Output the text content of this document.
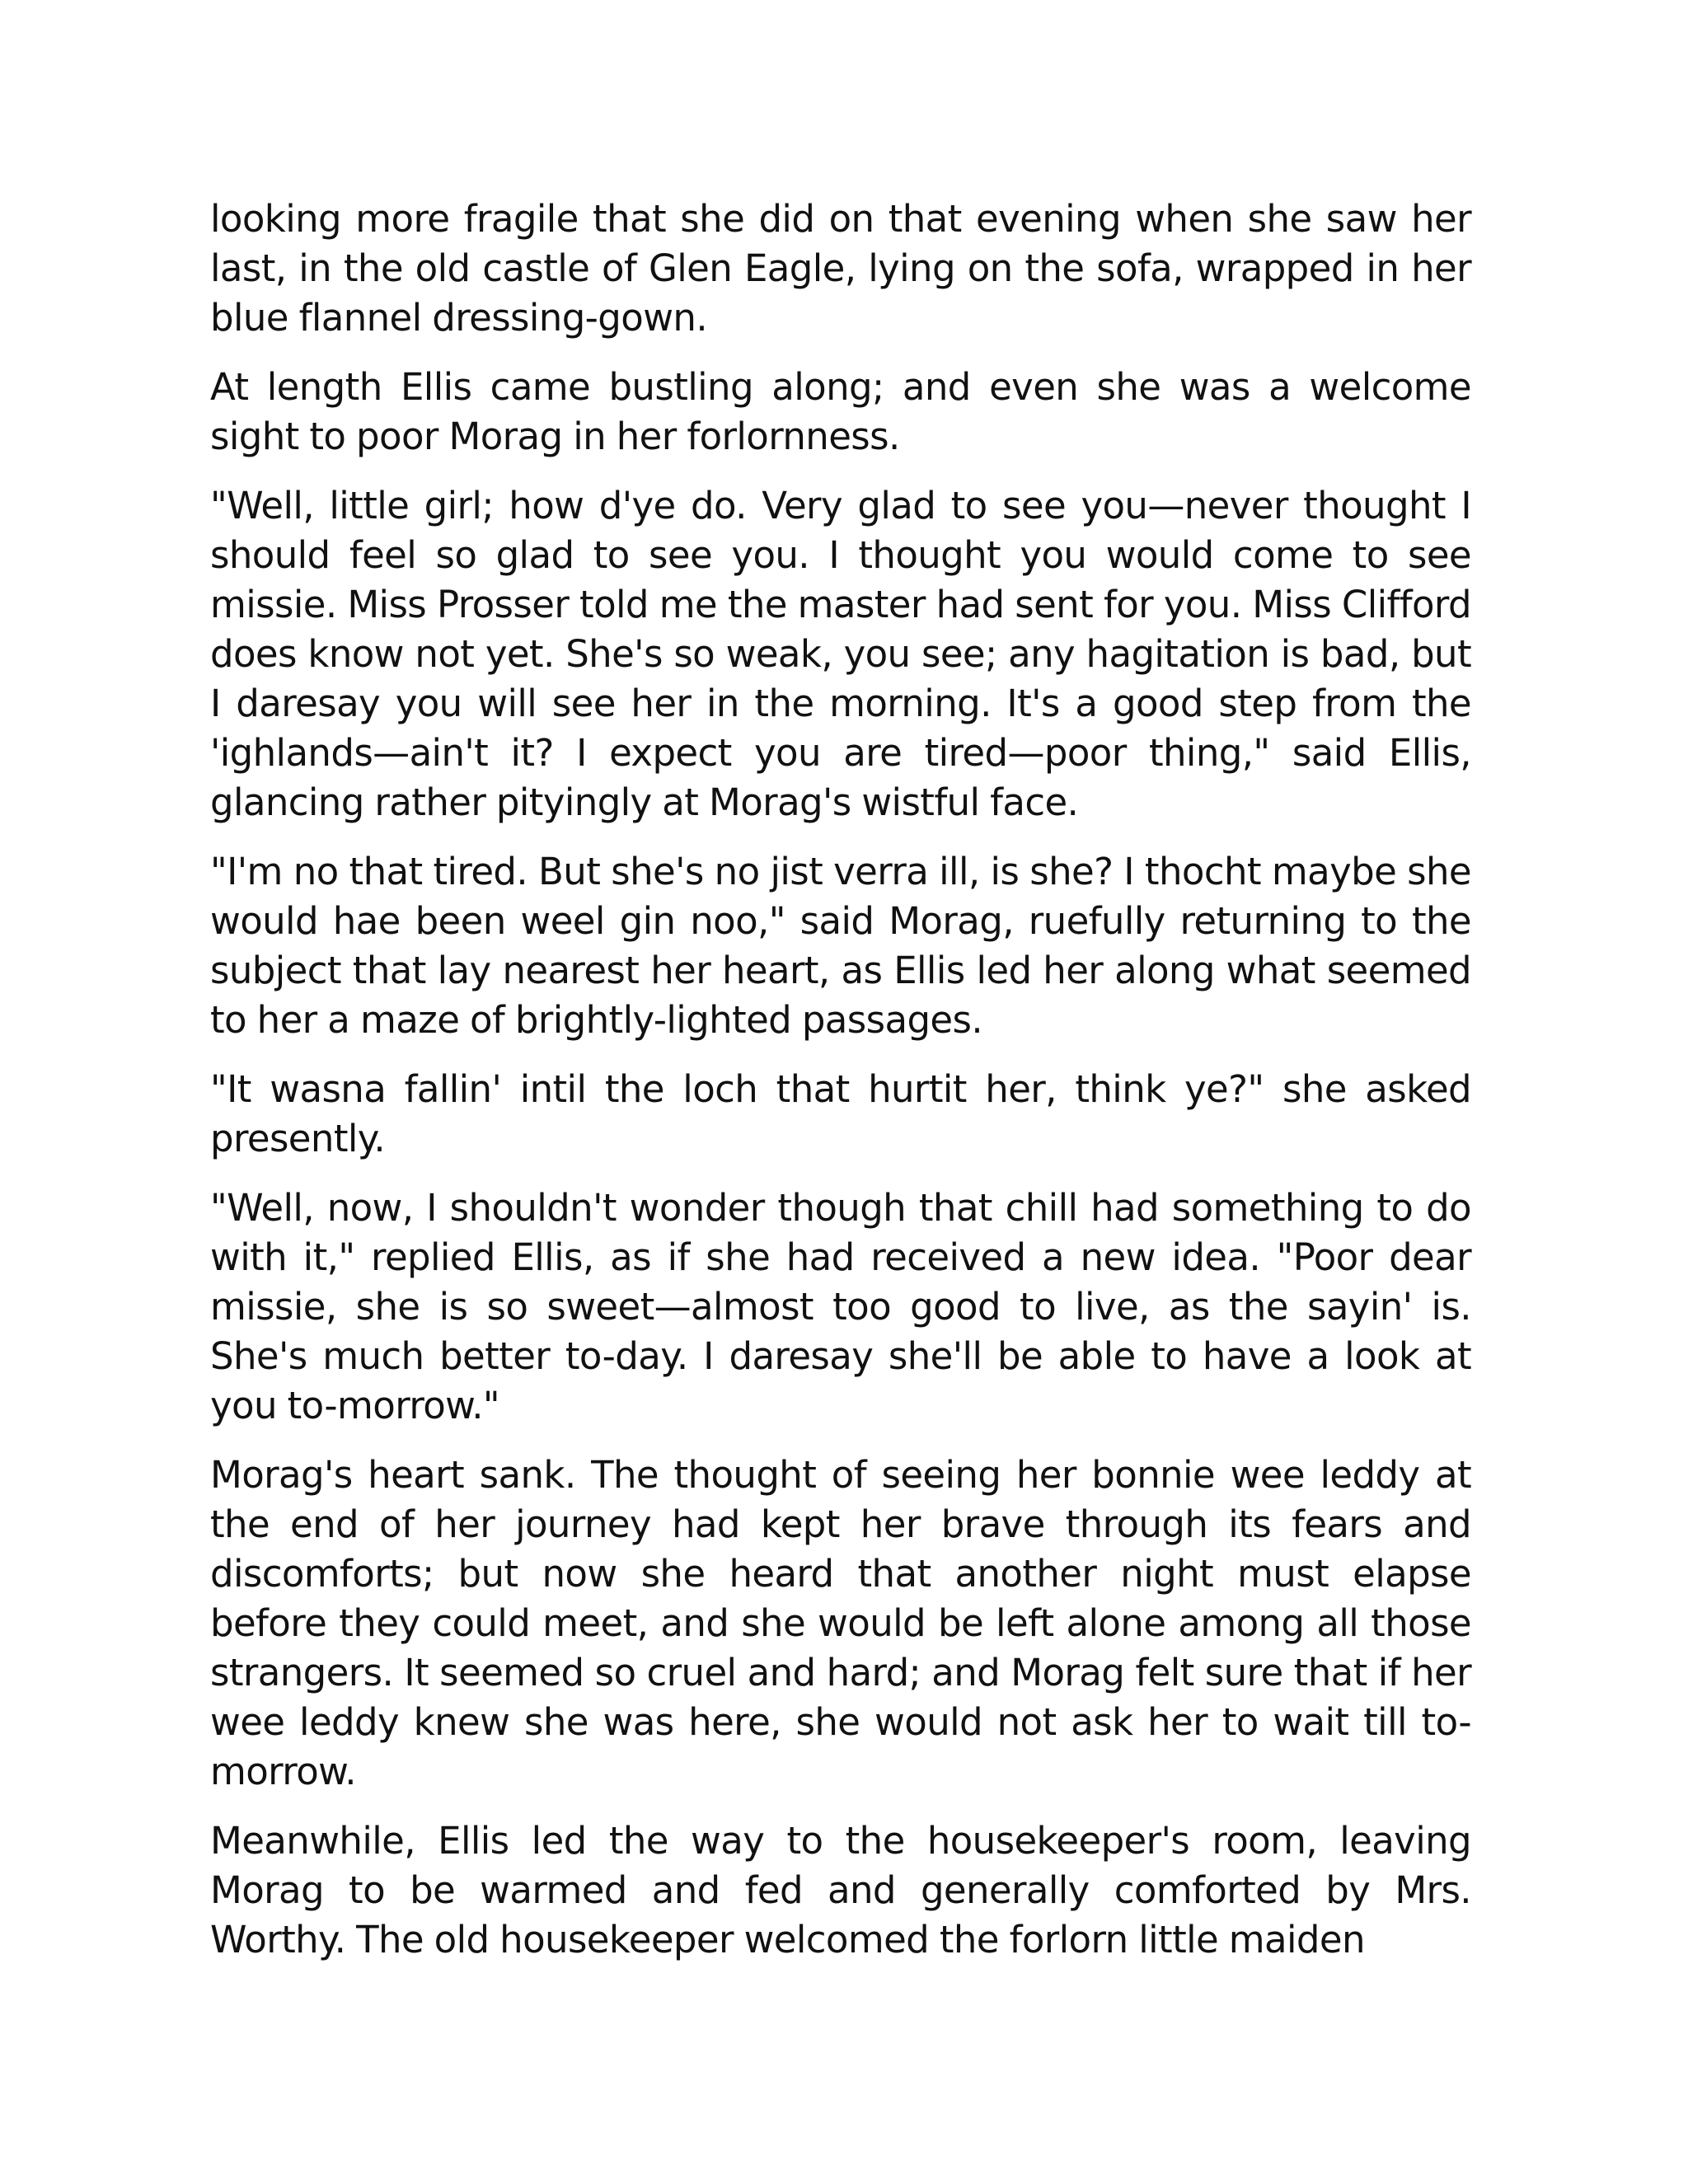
looking more fragile that she did on that evening when she saw her last, in the old castle of Glen Eagle, lying on the sofa, wrapped in her blue flannel dressing-gown.

At length Ellis came bustling along; and even she was a welcome sight to poor Morag in her forlornness.

"Well, little girl; how d'ye do. Very glad to see you—never thought I should feel so glad to see you. I thought you would come to see missie. Miss Prosser told me the master had sent for you. Miss Clifford does know not yet. She's so weak, you see; any hagitation is bad, but I daresay you will see her in the morning. It's a good step from the 'ighlands—ain't it? I expect you are tired—poor thing," said Ellis, glancing rather pityingly at Morag's wistful face.

"I'm no that tired. But she's no jist verra ill, is she? I thocht maybe she would hae been weel gin noo," said Morag, ruefully returning to the subject that lay nearest her heart, as Ellis led her along what seemed to her a maze of brightly-lighted passages.

"It wasna fallin' intil the loch that hurtit her, think ye?" she asked presently.

"Well, now, I shouldn't wonder though that chill had something to do with it," replied Ellis, as if she had received a new idea. "Poor dear missie, she is so sweet—almost too good to live, as the sayin' is. She's much better to-day. I daresay she'll be able to have a look at you to-morrow."

Morag's heart sank. The thought of seeing her bonnie wee leddy at the end of her journey had kept her brave through its fears and discomforts; but now she heard that another night must elapse before they could meet, and she would be left alone among all those strangers. It seemed so cruel and hard; and Morag felt sure that if her wee leddy knew she was here, she would not ask her to wait till to-morrow.

Meanwhile, Ellis led the way to the housekeeper's room, leaving Morag to be warmed and fed and generally comforted by Mrs. Worthy. The old housekeeper welcomed the forlorn little maiden
